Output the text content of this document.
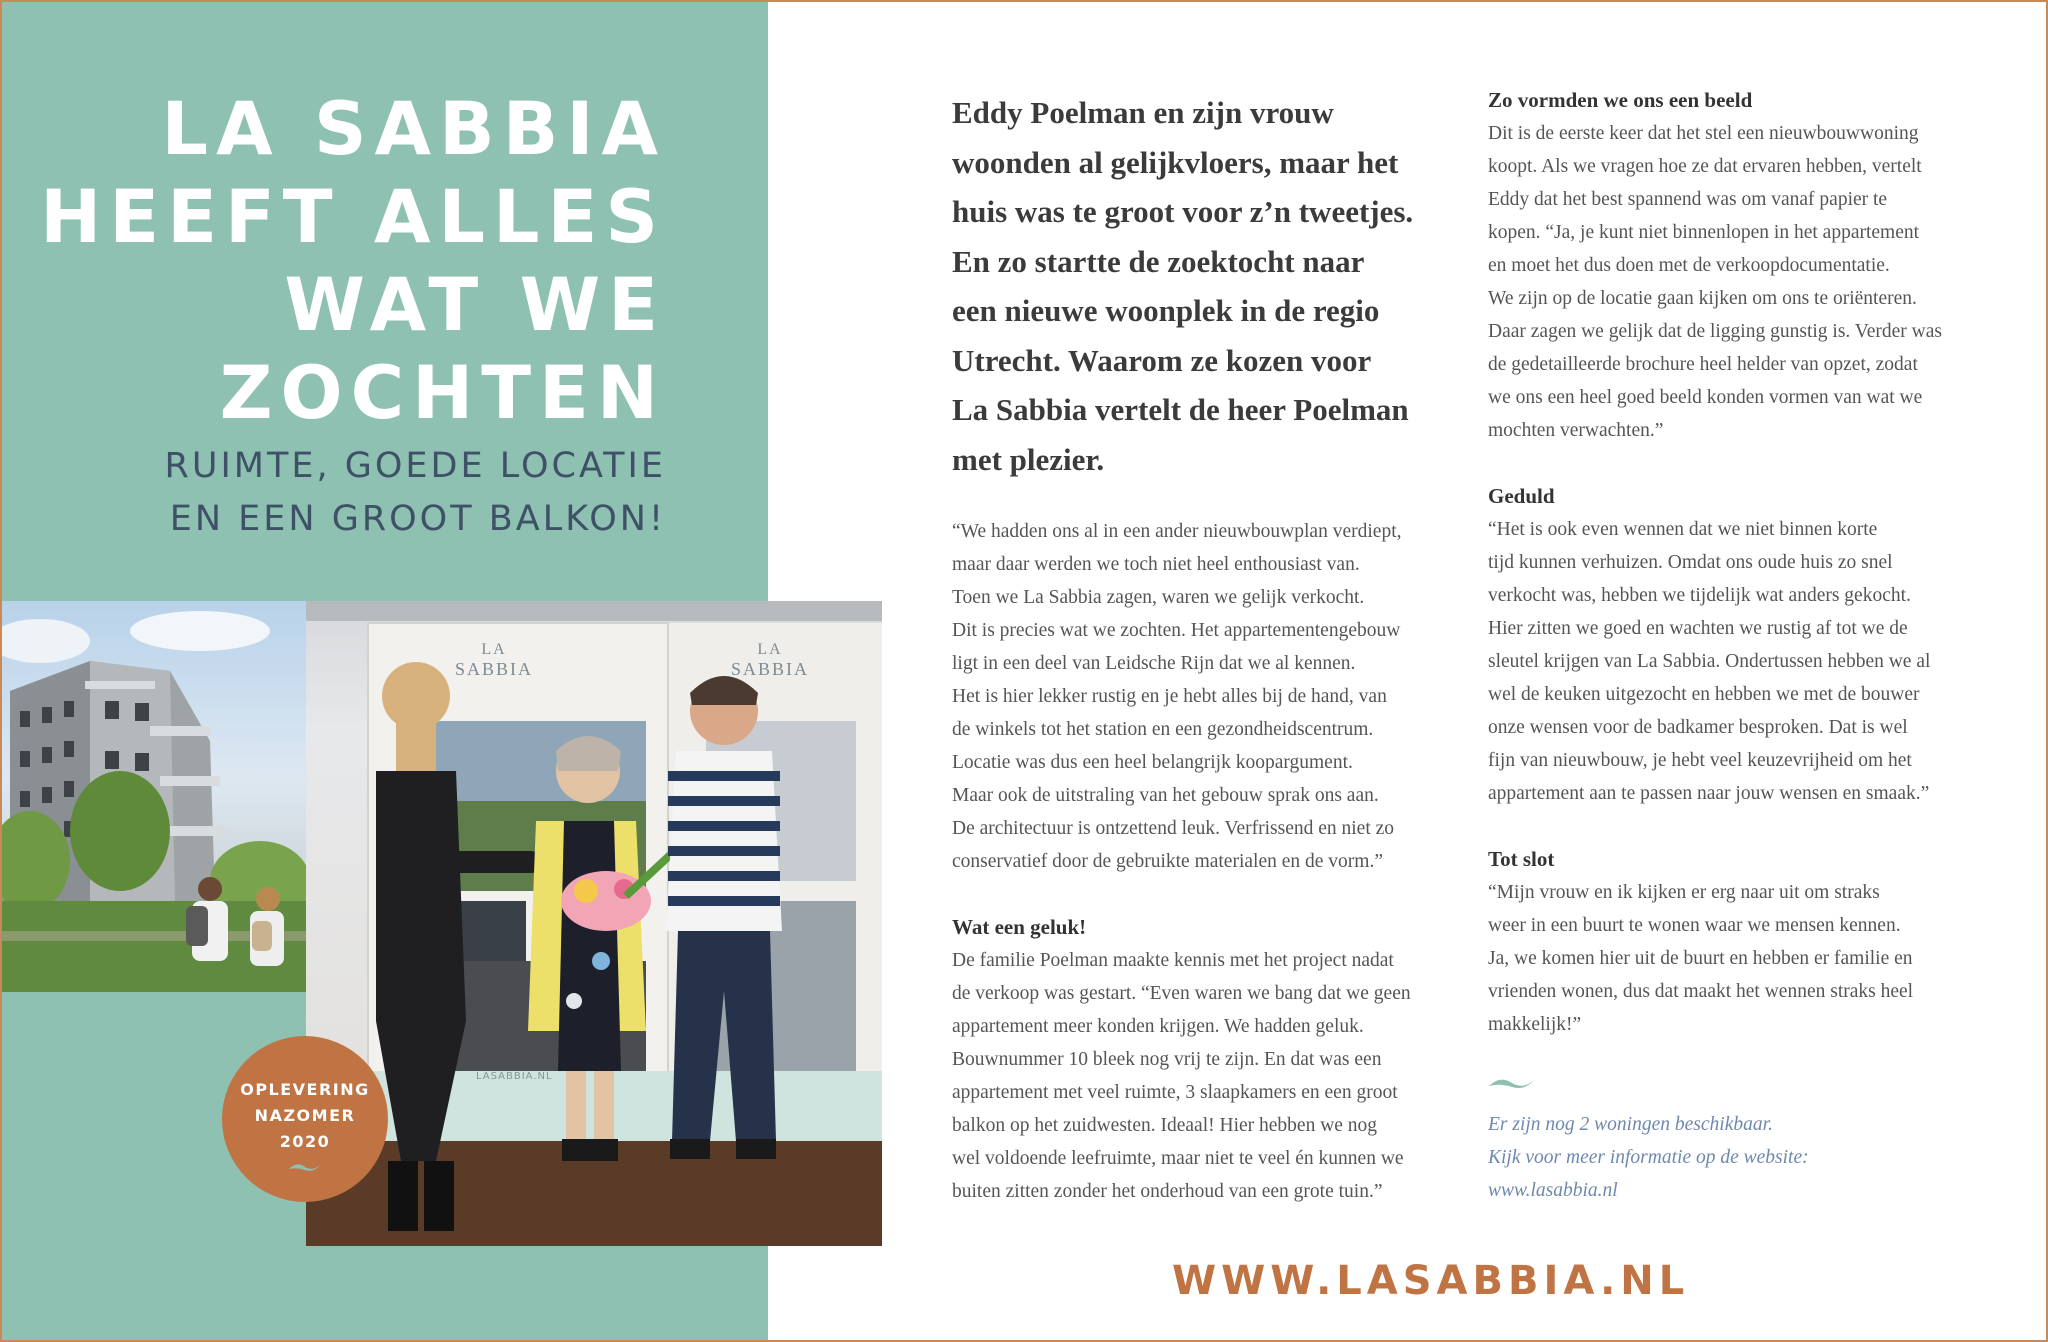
LA SABBIA
HEEFT ALLES
WAT WE
ZOCHTEN
RUIMTE, GOEDE LOCATIE
EN EEN GROOT BALKON!
LA
SABBIA
LA
SABBIA
LASABBIA.NL
OPLEVERING
NAZOMER
2020
Eddy Poelman en zijn vrouw
woonden al gelijkvloers, maar het
huis was te groot voor z’n tweetjes.
En zo startte de zoektocht naar
een nieuwe woonplek in de regio
Utrecht. Waarom ze kozen voor
La Sabbia vertelt de heer Poelman
met plezier.

“We hadden ons al in een ander nieuwbouwplan verdiept,

maar daar werden we toch niet heel enthousiast van.

Toen we La Sabbia zagen, waren we gelijk verkocht.

Dit is precies wat we zochten. Het appartementengebouw

ligt in een deel van Leidsche Rijn dat we al kennen.

Het is hier lekker rustig en je hebt alles bij de hand, van

de winkels tot het station en een gezondheidscentrum.

Locatie was dus een heel belangrijk koopargument.

Maar ook de uitstraling van het gebouw sprak ons aan.

De architectuur is ontzettend leuk. Verfrissend en niet zo

conservatief door de gebruikte materialen en de vorm.”

Wat een geluk!

De familie Poelman maakte kennis met het project nadat

de verkoop was gestart. “Even waren we bang dat we geen

appartement meer konden krijgen. We hadden geluk.

Bouwnummer 10 bleek nog vrij te zijn. En dat was een

appartement met veel ruimte, 3 slaapkamers en een groot

balkon op het zuidwesten. Ideaal! Hier hebben we nog

wel voldoende leefruimte, maar niet te veel én kunnen we

buiten zitten zonder het onderhoud van een grote tuin.”

Zo vormden we ons een beeld

Dit is de eerste keer dat het stel een nieuwbouwwoning

koopt. Als we vragen hoe ze dat ervaren hebben, vertelt

Eddy dat het best spannend was om vanaf papier te

kopen. “Ja, je kunt niet binnenlopen in het appartement

en moet het dus doen met de verkoopdocumentatie.

We zijn op de locatie gaan kijken om ons te oriënteren.

Daar zagen we gelijk dat de ligging gunstig is. Verder was

de gedetailleerde brochure heel helder van opzet, zodat

we ons een heel goed beeld konden vormen van wat we

mochten verwachten.”

Geduld

“Het is ook even wennen dat we niet binnen korte

tijd kunnen verhuizen. Omdat ons oude huis zo snel

verkocht was, hebben we tijdelijk wat anders gekocht.

Hier zitten we goed en wachten we rustig af tot we de

sleutel krijgen van La Sabbia. Ondertussen hebben we al

wel de keuken uitgezocht en hebben we met de bouwer

onze wensen voor de badkamer besproken. Dat is wel

fijn van nieuwbouw, je hebt veel keuzevrijheid om het

appartement aan te passen naar jouw wensen en smaak.”

Tot slot

“Mijn vrouw en ik kijken er erg naar uit om straks

weer in een buurt te wonen waar we mensen kennen.

Ja, we komen hier uit de buurt en hebben er familie en

vrienden wonen, dus dat maakt het wennen straks heel

makkelijk!”

Er zijn nog 2 woningen beschikbaar.
Kijk voor meer informatie op de website:
www.lasabbia.nl
WWW.LASABBIA.NL
